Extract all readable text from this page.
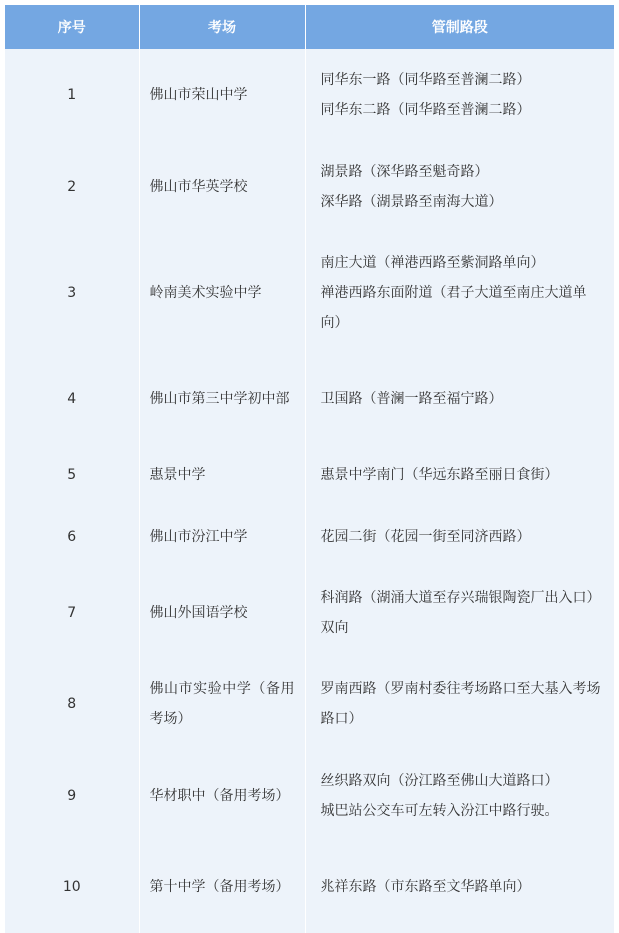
序号	考场	管制路段
1	佛山市荣山中学	同华东一路（同华路至普澜二路）
同华东二路（同华路至普澜二路）

2	佛山市华英学校	湖景路（深华路至魁奇路）
深华路（湖景路至南海大道）

3	岭南美术实验中学	南庄大道（禅港西路至紫洞路单向）
禅港西路东面附道（君子大道至南庄大道单向）

4	佛山市第三中学初中部	卫国路（普澜一路至福宁路）

5	惠景中学	惠景中学南门（华远东路至丽日食街）

6	佛山市汾江中学	花园二街（花园一街至同济西路）

7	佛山外国语学校	科润路（湖涌大道至存兴瑞银陶瓷厂出入口）双向

8	佛山市实验中学（备用考场）	罗南西路（罗南村委往考场路口至大基入考场路口）

9	华材职中（备用考场）	丝织路双向（汾江路至佛山大道路口）
城巴站公交车可左转入汾江中路行驶。

10	第十中学（备用考场）	兆祥东路（市东路至文华路单向）
